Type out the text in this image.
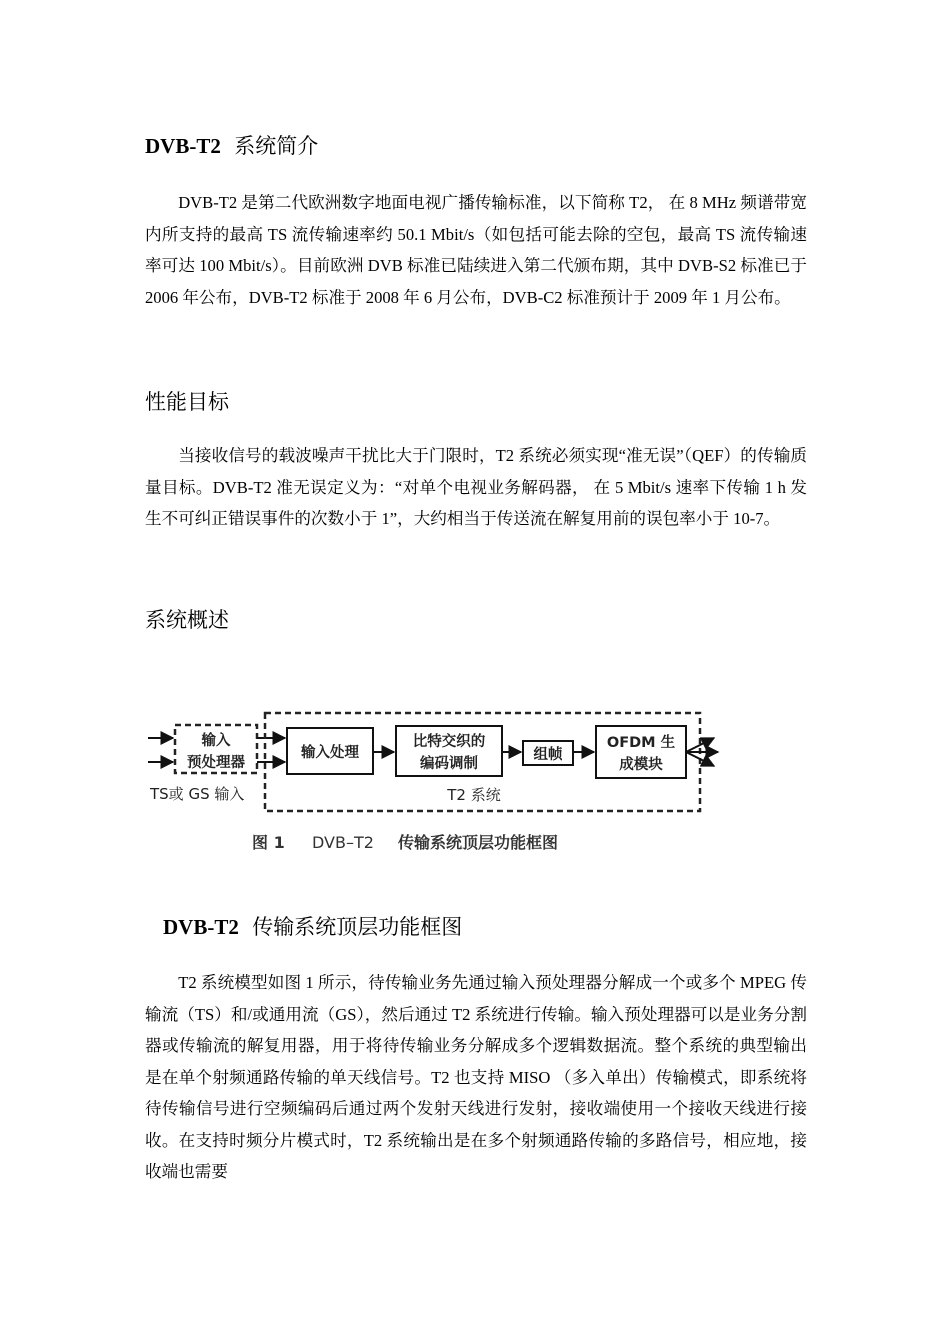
DVB-T2 系统简介
DVB-T2 是第二代欧洲数字地面电视广播传输标准，以下简称 T2， 在 8 MHz 频谱带宽内所支持的最高 TS 流传输速率约 50.1 Mbit/s（如包括可能去除的空包，最高 TS 流传输速率可达 100 Mbit/s）。目前欧洲 DVB 标准已陆续进入第二代颁布期，其中 DVB-S2 标准已于 2006 年公布，DVB-T2 标准于 2008 年 6 月公布，DVB-C2 标准预计于 2009 年 1 月公布。
性能目标
当接收信号的载波噪声干扰比大于门限时，T2 系统必须实现“准无误”（QEF）的传输质量目标。DVB-T2 准无误定义为：“对单个电视业务解码器， 在 5 Mbit/s 速率下传输 1 h 发生不可纠正错误事件的次数小于 1”，大约相当于传送流在解复用前的误包率小于 10-7。
系统概述
输入
预处理器
TS或 GS 输入	T2 系统
输入处理
比特交织的
编码调制
组帧
OFDM 生
成模块
图 1 DVB–T2 传输系统顶层功能框图
DVB-T2 传输系统顶层功能框图
T2 系统模型如图 1 所示，待传输业务先通过输入预处理器分解成一个或多个 MPEG 传输流（TS）和/或通用流（GS），然后通过 T2 系统进行传输。输入预处理器可以是业务分割器或传输流的解复用器，用于将待传输业务分解成多个逻辑数据流。整个系统的典型输出是在单个射频通路传输的单天线信号。T2 也支持 MISO （多入单出）传输模式，即系统将待传输信号进行空频编码后通过两个发射天线进行发射，接收端使用一个接收天线进行接收。在支持时频分片模式时，T2 系统输出是在多个射频通路传输的多路信号，相应地，接收端也需要
